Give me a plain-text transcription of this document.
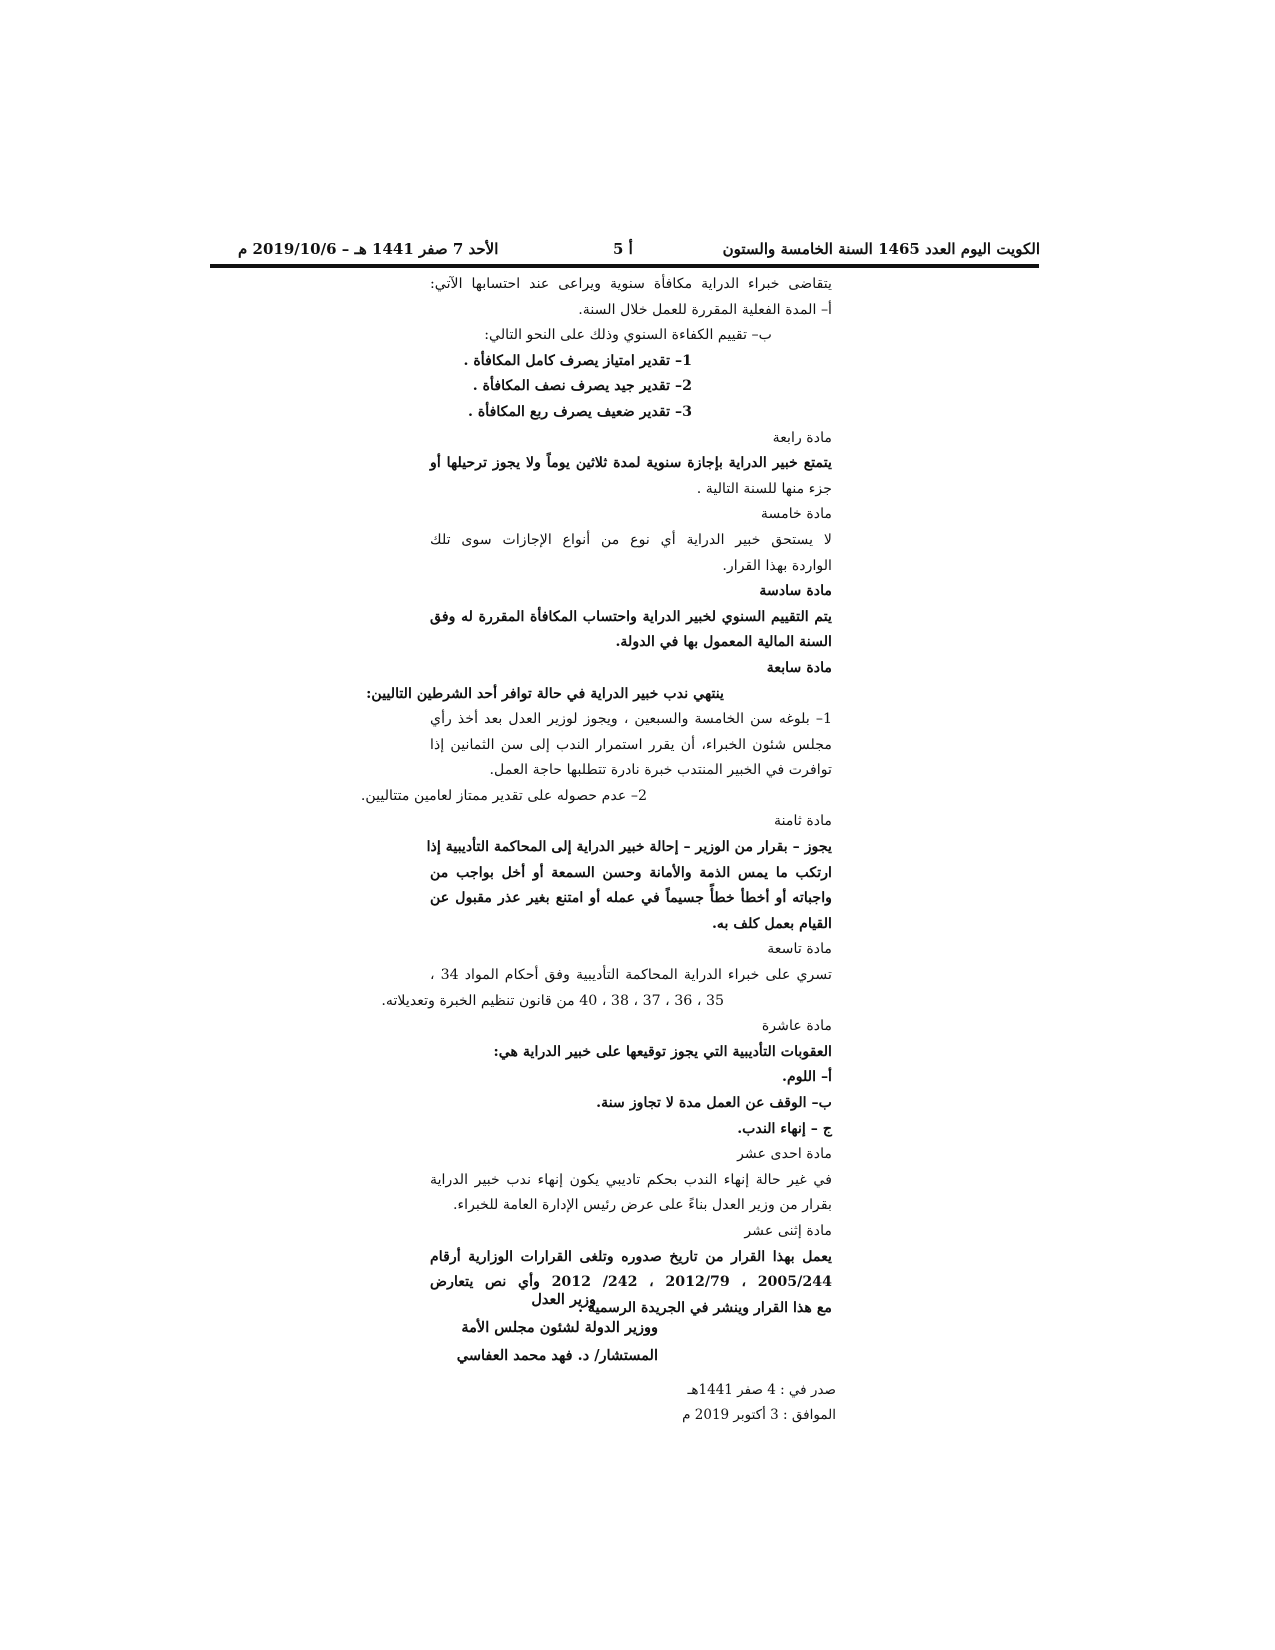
الكويت اليوم العدد 1465 السنة الخامسة والستون
أ 5
الأحد 7 صفر 1441 هـ – 2019/10/6 م
يتقاضى خبراء الدراية مكافأة سنوية ويراعى عند احتسابها الآتي:
أ– المدة الفعلية المقررة للعمل خلال السنة.
ب– تقييم الكفاءة السنوي وذلك على النحو التالي:
1– تقدير امتياز يصرف كامل المكافأة .
2– تقدير جيد يصرف نصف المكافأة .
3– تقدير ضعيف يصرف ربع المكافأة .
مادة رابعة
يتمتع خبير الدراية بإجازة سنوية لمدة ثلاثين يوماً ولا يجوز ترحيلها أو
جزء منها للسنة التالية .
مادة خامسة
لا يستحق خبير الدراية أي نوع من أنواع الإجازات سوى تلك
الواردة بهذا القرار.
مادة سادسة
يتم التقييم السنوي لخبير الدراية واحتساب المكافأة المقررة له وفق
السنة المالية المعمول بها في الدولة.
مادة سابعة
ينتهي ندب خبير الدراية في حالة توافر أحد الشرطين التاليين:
1– بلوغه سن الخامسة والسبعين ، ويجوز لوزير العدل بعد أخذ رأي
مجلس شئون الخبراء، أن يقرر استمرار الندب إلى سن الثمانين إذا
توافرت في الخبير المنتدب خبرة نادرة تتطلبها حاجة العمل.
2– عدم حصوله على تقدير ممتاز لعامين متتاليين.
مادة ثامنة
يجوز – بقرار من الوزير – إحالة خبير الدراية إلى المحاكمة التأديبية إذا
ارتكب ما يمس الذمة والأمانة وحسن السمعة أو أخل بواجب من
واجباته أو أخطأ خطأً جسيماً في عمله أو امتنع بغير عذر مقبول عن
القيام بعمل كلف به.
مادة تاسعة
تسري على خبراء الدراية المحاكمة التأديبية وفق أحكام المواد 34 ،
35 ، 36 ، 37 ، 38 ، 40 من قانون تنظيم الخبرة وتعديلاته.
مادة عاشرة
العقوبات التأديبية التي يجوز توقيعها على خبير الدراية هي:
أ– اللوم.
ب– الوقف عن العمل مدة لا تجاوز سنة.
ج – إنهاء الندب.
مادة احدى عشر
في غير حالة إنهاء الندب بحكم تاديبي يكون إنهاء ندب خبير الدراية
بقرار من وزير العدل بناءً على عرض رئيس الإدارة العامة للخبراء.
مادة إثنى عشر
يعمل بهذا القرار من تاريخ صدوره وتلغى القرارات الوزارية أرقام
2005/244 ، 2012/79 ، 242/ 2012 وأي نص يتعارض
مع هذا القرار وينشر في الجريدة الرسمية .
وزير العدل
ووزير الدولة لشئون مجلس الأمة
المستشار/ د. فهد محمد العفاسي
صدر في : 4 صفر 1441هـ
الموافق : 3 أكتوبر 2019 م
